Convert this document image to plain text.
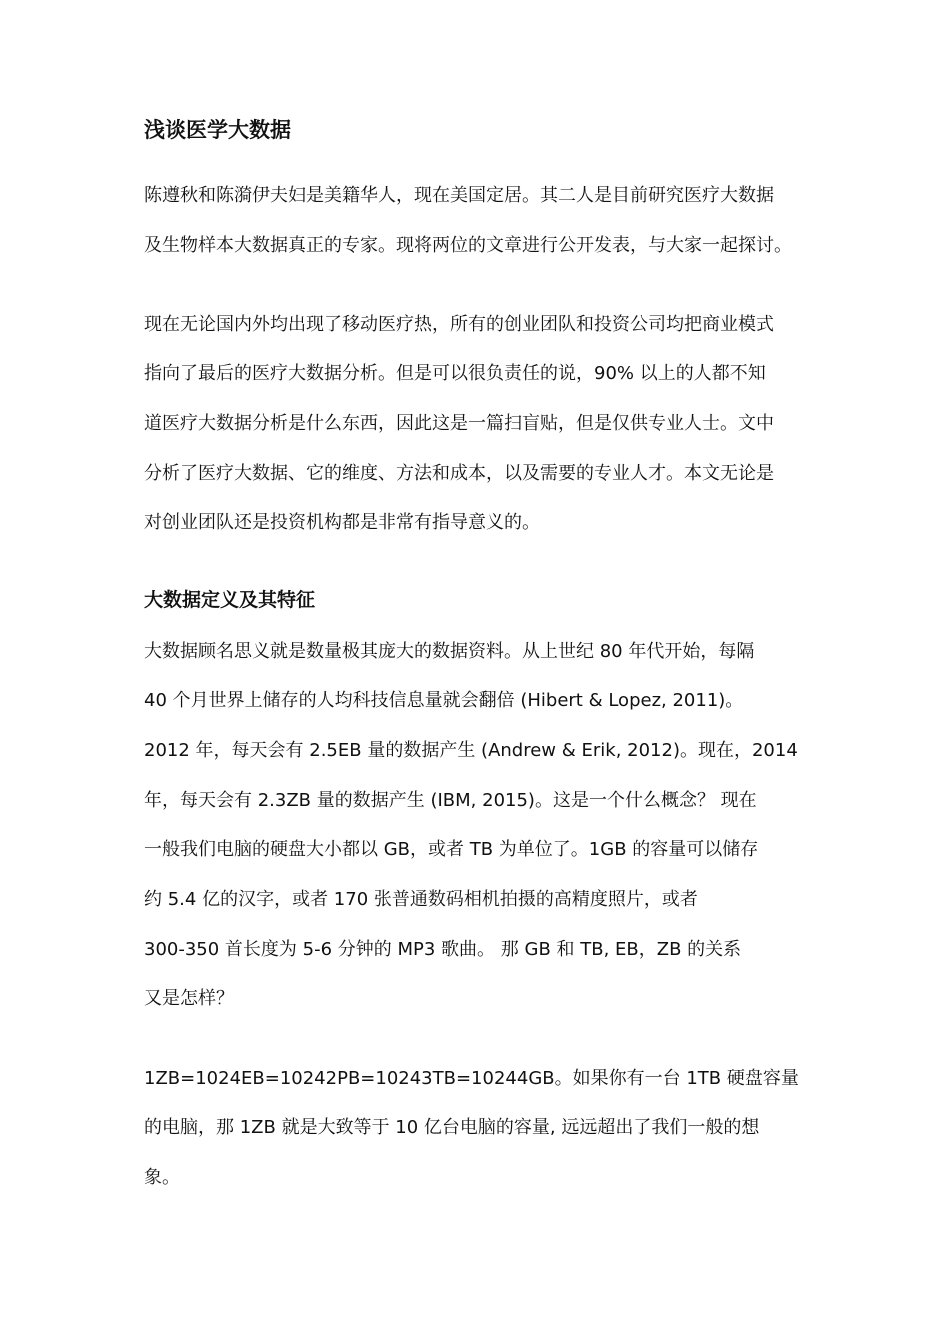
浅谈医学大数据
陈遵秋和陈漪伊夫妇是美籍华人，现在美国定居。其二人是目前研究医疗大数据
及生物样本大数据真正的专家。现将两位的文章进行公开发表，与大家一起探讨。
现在无论国内外均出现了移动医疗热，所有的创业团队和投资公司均把商业模式
指向了最后的医疗大数据分析。但是可以很负责任的说，90% 以上的人都不知
道医疗大数据分析是什么东西，因此这是一篇扫盲贴，但是仅供专业人士。文中
分析了医疗大数据、它的维度、方法和成本，以及需要的专业人才。本文无论是
对创业团队还是投资机构都是非常有指导意义的。
大数据定义及其特征
大数据顾名思义就是数量极其庞大的数据资料。从上世纪 80 年代开始，每隔
40 个月世界上储存的人均科技信息量就会翻倍 (Hibert & Lopez, 2011)。
2012 年，每天会有 2.5EB 量的数据产生 (Andrew & Erik, 2012)。现在，2014
年，每天会有 2.3ZB 量的数据产生 (IBM, 2015)。这是一个什么概念？ 现在
一般我们电脑的硬盘大小都以 GB，或者 TB 为单位了。1GB 的容量可以储存
约 5.4 亿的汉字，或者 170 张普通数码相机拍摄的高精度照片，或者
300-350 首长度为 5-6 分钟的 MP3 歌曲。 那 GB 和 TB, EB，ZB 的关系
又是怎样？
1ZB=1024EB=10242PB=10243TB=10244GB。如果你有一台 1TB 硬盘容量
的电脑，那 1ZB 就是大致等于 10 亿台电脑的容量, 远远超出了我们一般的想
象。
